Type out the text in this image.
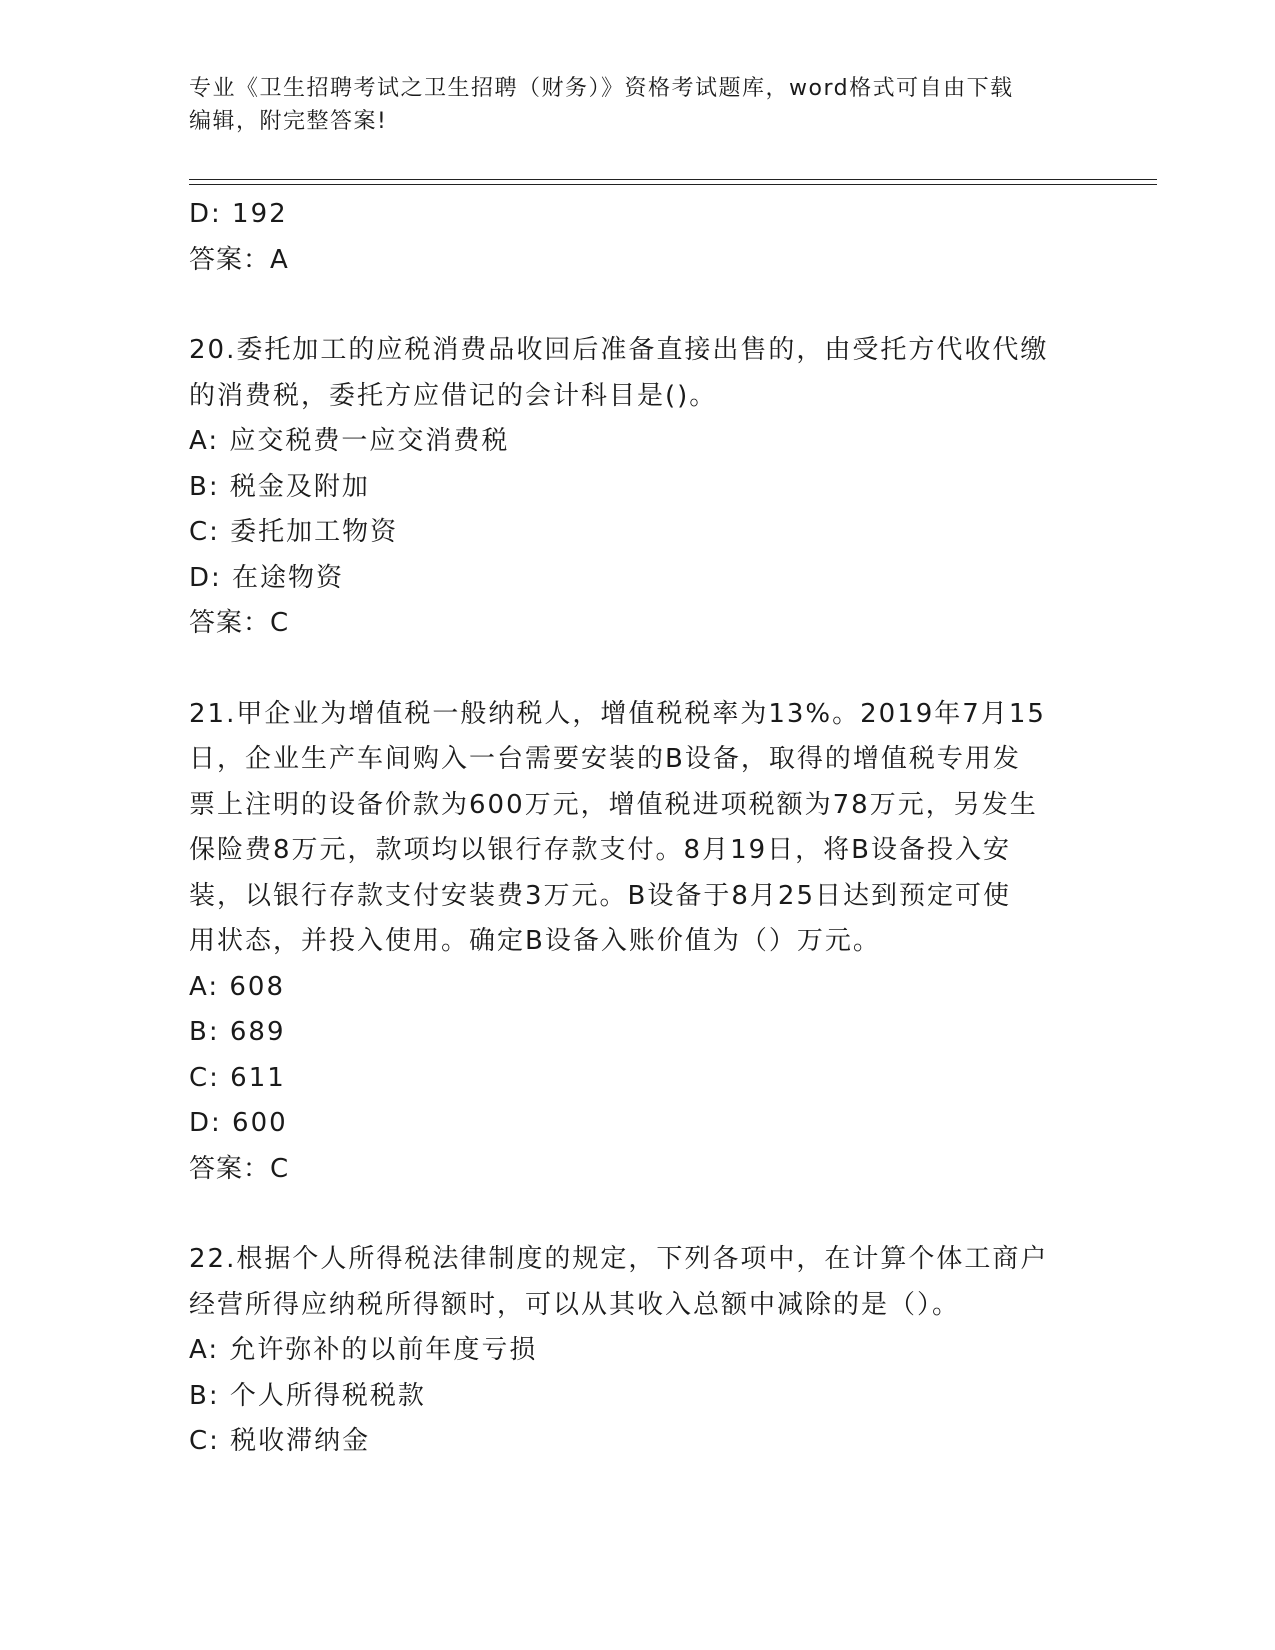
专业《卫生招聘考试之卫生招聘（财务）》资格考试题库，word格式可自由下载
编辑，附完整答案!
D: 192
答案：A
20.委托加工的应税消费品收回后准备直接出售的，由受托方代收代缴
的消费税，委托方应借记的会计科目是()。
A: 应交税费一应交消费税
B: 税金及附加
C: 委托加工物资
D: 在途物资
答案：C
21.甲企业为增值税一般纳税人，增值税税率为13%。2019年7月15
日，企业生产车间购入一台需要安装的B设备，取得的增值税专用发
票上注明的设备价款为600万元，增值税进项税额为78万元，另发生
保险费8万元，款项均以银行存款支付。8月19日，将B设备投入安
装，以银行存款支付安装费3万元。B设备于8月25日达到预定可使
用状态，并投入使用。确定B设备入账价值为（）万元。
A: 608
B: 689
C: 611
D: 600
答案：C
22.根据个人所得税法律制度的规定，下列各项中，在计算个体工商户
经营所得应纳税所得额时，可以从其收入总额中减除的是（）。
A: 允许弥补的以前年度亏损
B: 个人所得税税款
C: 税收滞纳金
